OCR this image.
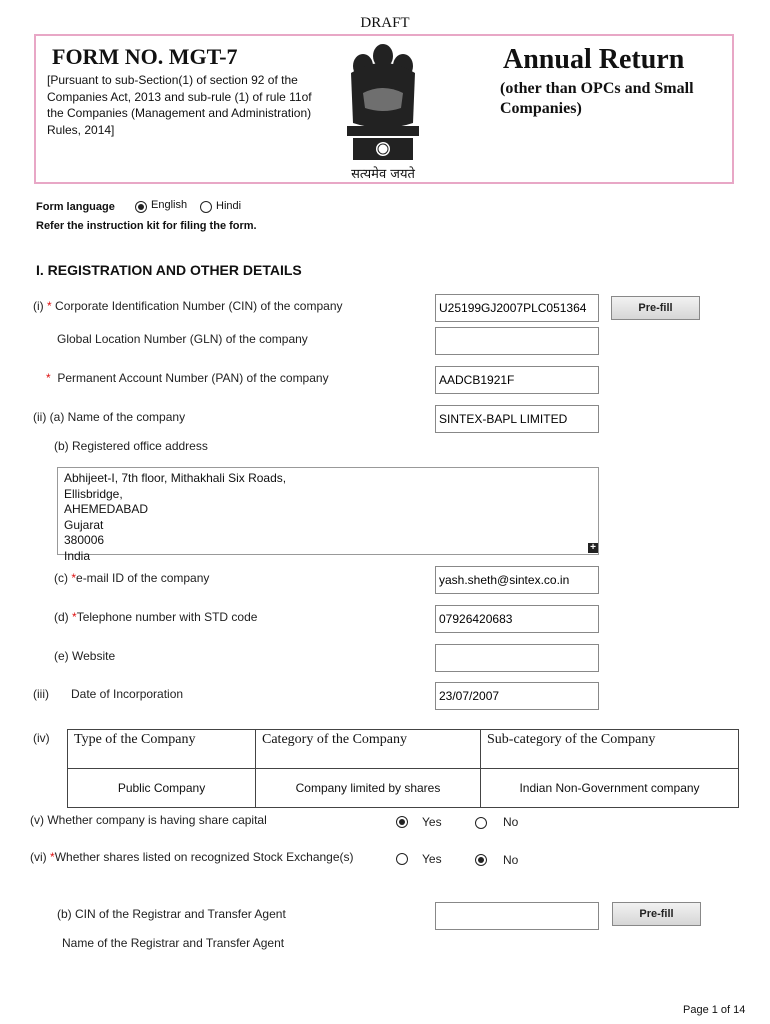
DRAFT
FORM NO. MGT-7
[Pursuant to sub-Section(1) of section 92 of the Companies Act, 2013 and sub-rule (1) of rule 11of the Companies (Management and Administration) Rules, 2014]
सत्यमेव जयते
Annual Return
(other than OPCs and Small Companies)
Form language	English	Hindi
Refer the instruction kit for filing the form.
I. REGISTRATION AND OTHER DETAILS
(i) * Corporate Identification Number (CIN) of the company	U25199GJ2007PLC051364	Pre-fill
Global Location Number (GLN) of the company
* Permanent Account Number (PAN) of the company	AADCB1921F
(ii) (a) Name of the company	SINTEX-BAPL LIMITED
(b) Registered office address
Abhijeet-I, 7th floor, Mithakhali Six Roads,
Ellisbridge,
AHEMEDABAD
Gujarat
380006
India
+
(c) *e-mail ID of the company	yash.sheth@sintex.co.in
(d) *Telephone number with STD code	07926420683
(e) Website
(iii) Date of Incorporation	23/07/2007
(iv) Type of the Company	Category of the Company	Sub-category of the Company
Public Company	Company limited by shares	Indian Non-Government company
(v) Whether company is having share capital	Yes	No
(vi) *Whether shares listed on recognized Stock Exchange(s)	Yes	No
(b) CIN of the Registrar and Transfer Agent	Pre-fill
Name of the Registrar and Transfer Agent
Page 1 of 14
